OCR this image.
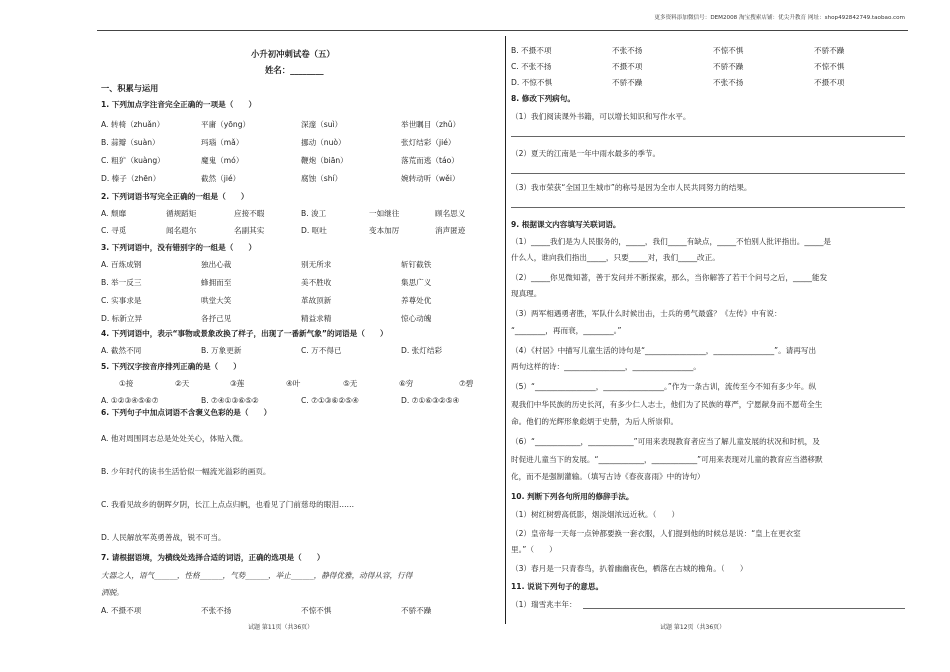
更多资料添加微信号：DEM2008 淘宝搜索店铺：优尖升教育 网址：shop492842749.taobao.com
小升初冲刺试卷（五）
姓名：________
一、积累与运用
1. 下列加点字注音完全正确的一项是（　　）
A. 转椅（zhuǎn）	平庸（yōng）	深邃（suì）	举世瞩目（zhǔ）
B. 蒜瓣（suàn）	玛瑙（mǎ）	挪动（nuò）	张灯结彩（jié）
C. 粗犷（kuàng）	魔鬼（mó）	鞭炮（biān）	落荒而逃（táo）
D. 榛子（zhēn）	截然（jié）	腐蚀（shí）	婉转动听（wěi）
2. 下列词语书写完全正确的一组是（　　）
A. 颓靡	循规蹈矩	应接不暇	B. 浚工	一如继往	顾名思义
C. 寻觅	闻名遐尔	名副其实	D. 呕吐	变本加厉	消声匿迹
3. 下列词语中，没有错别字的一组是（　　）
A. 百炼成钢	独出心裁	别无所求	斩钉截铁
B. 举一反三	蜂拥而至	美不胜收	集思广义
C. 实事求是	哄堂大笑	革故顶新	养尊处优
D. 标新立异	各抒己见	精益求精	惊心动魄
4. 下列词语中，表示“事物或景象改换了样子，出现了一番新气象”的词语是（　　）
A. 截然不同	B. 万象更新	C. 万不得已	D. 张灯结彩
5. 下列汉字按音序排列正确的是（　　）
①接	②天	③莲	④叶	⑤无	⑥穷	⑦碧
A. ①②③④⑤⑥⑦	B. ⑦④①③⑥⑤②	C. ⑦①③⑥②⑤④	D. ⑦①⑥③②⑤④
6. 下列句子中加点词语不含褒义色彩的是（　　）
A. 他对周围同志总是处处关心，体贴入微。
B. 少年时代的读书生活恰似一幅流光溢彩的画页。
C. 我看见故乡的朝晖夕阴，长江上点点归帆，也看见了门前慈母的眼泪……
D. 人民解放军英勇善战，锐不可当。
7. 请根据语境，为横线处选择合适的词语，正确的选项是（　　）
大器之人，语气______，性格______，气势______，举止______，静得优雅，动得从容，行得
洒脱。
A. 不摄不项	不张不扬	不惊不惧	不骄不躁
试题 第11页（共36页）
B. 不摄不项	不张不扬	不惊不惧	不骄不躁
C. 不张不扬	不摄不项	不骄不躁	不惊不惧
D. 不惊不惧	不骄不躁	不张不扬	不摄不项
8. 修改下列病句。
（1）我们阅读课外书籍，可以增长知识和写作水平。
（2）夏天的江南是一年中雨水最多的季节。
（3）我市荣获“全国卫生城市”的称号是因为全市人民共同努力的结果。
9. 根据课文内容填写关联词语。
（1）_____我们是为人民服务的，_____，我们_____有缺点，_____不怕别人批评指出。_____是
什么人，谁向我们指出_____，只要_____对，我们_____改正。
（2）_____你见微知著，善于发问并不断探索，那么，当你解答了若干个问号之后，_____能发
现真理。
（3）两军相遇勇者胜，军队什么时候出击，士兵的勇气最盛？《左传》中有说：
“________，再而衰，________。”
（4）《村居》中描写儿童生活的诗句是“________________，________________”。请再写出
两句这样的诗：________________，________________。
（5）“________________，________________。”作为一条古训，流传至今不知有多少年。纵
观我们中华民族的历史长河，有多少仁人志士，他们为了民族的尊严，宁愿献身而不愿苟全生
命。他们的光辉形象彪炳于史册，为后人所崇仰。
（6）“____________，____________”可用来表现教育者应当了解儿童发展的状况和时机，及
时促进儿童当下的发展。“____________，____________”可用来表现对儿童的教育应当潜移默
化，而不是强制灌输。（填写古诗《春夜喜雨》中的诗句）
10. 判断下列各句所用的修辞手法。
（1）树红树碧高低影，烟淡烟浓远近秋。（　　）
（2）皇帝每一天每一点钟都要换一套衣服，人们提到他的时候总是说：“皇上在更衣室
里。”（　　）
（3）春月是一只青春鸟，扒着幽幽夜色，栖落在古城的檐角。（　　）
11. 说说下列句子的意思。
（1）瑞雪兆丰年：
试题 第12页（共36页）
